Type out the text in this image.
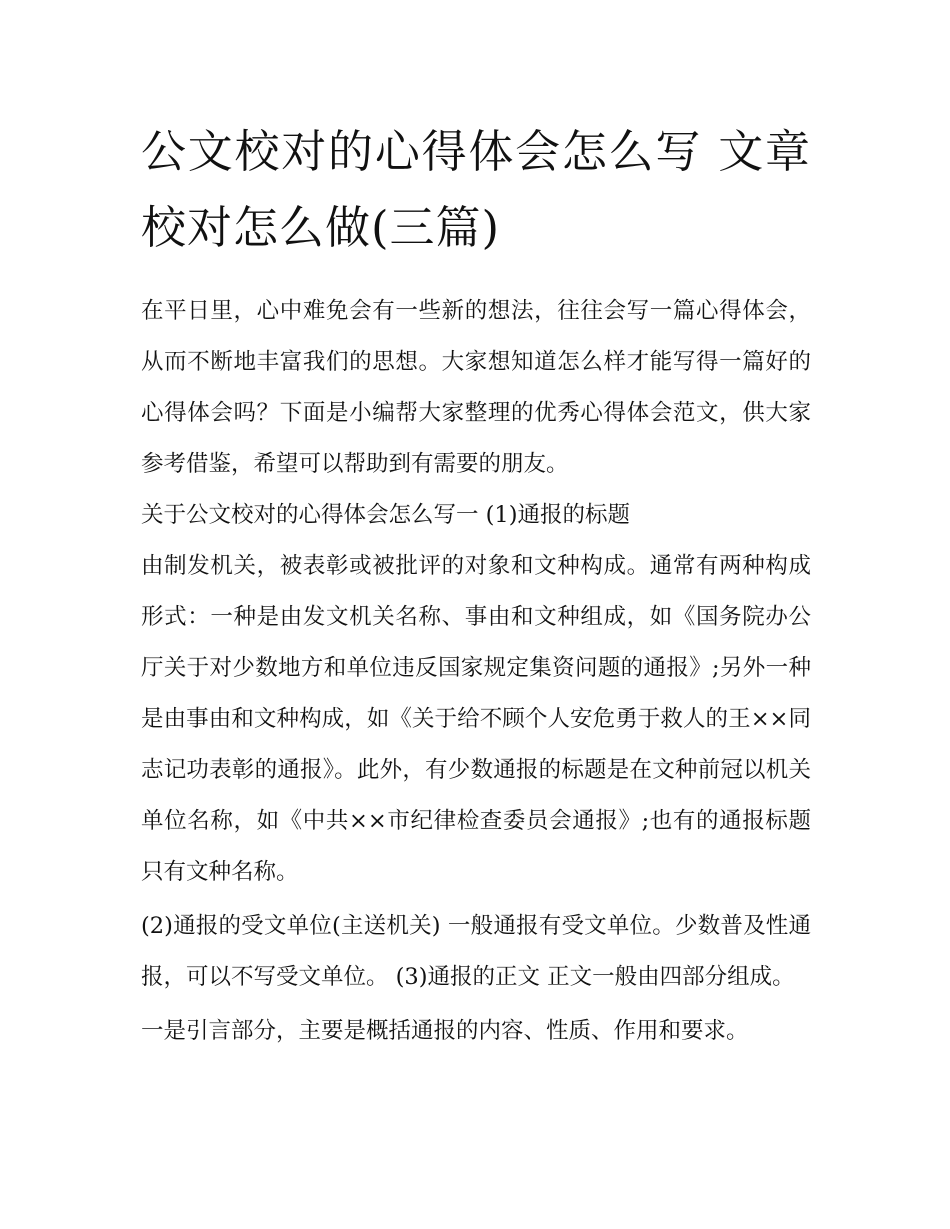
公文校对的心得体会怎么写 文章校对怎么做(三篇)

在平日里，心中难免会有一些新的想法，往往会写一篇心得体会，从而不断地丰富我们的思想。大家想知道怎么样才能写得一篇好的心得体会吗？下面是小编帮大家整理的优秀心得体会范文，供大家参考借鉴，希望可以帮助到有需要的朋友。

关于公文校对的心得体会怎么写一 (1)通报的标题

由制发机关，被表彰或被批评的对象和文种构成。通常有两种构成形式：一种是由发文机关名称、事由和文种组成，如《国务院办公厅关于对少数地方和单位违反国家规定集资问题的通报》;另外一种是由事由和文种构成，如《关于给不顾个人安危勇于救人的王××同志记功表彰的通报》。此外，有少数通报的标题是在文种前冠以机关单位名称，如《中共××市纪律检查委员会通报》;也有的通报标题只有文种名称。

(2)通报的受文单位(主送机关) 一般通报有受文单位。少数普及性通报，可以不写受文单位。 (3)通报的正文 正文一般由四部分组成。

一是引言部分，主要是概括通报的内容、性质、作用和要求。
